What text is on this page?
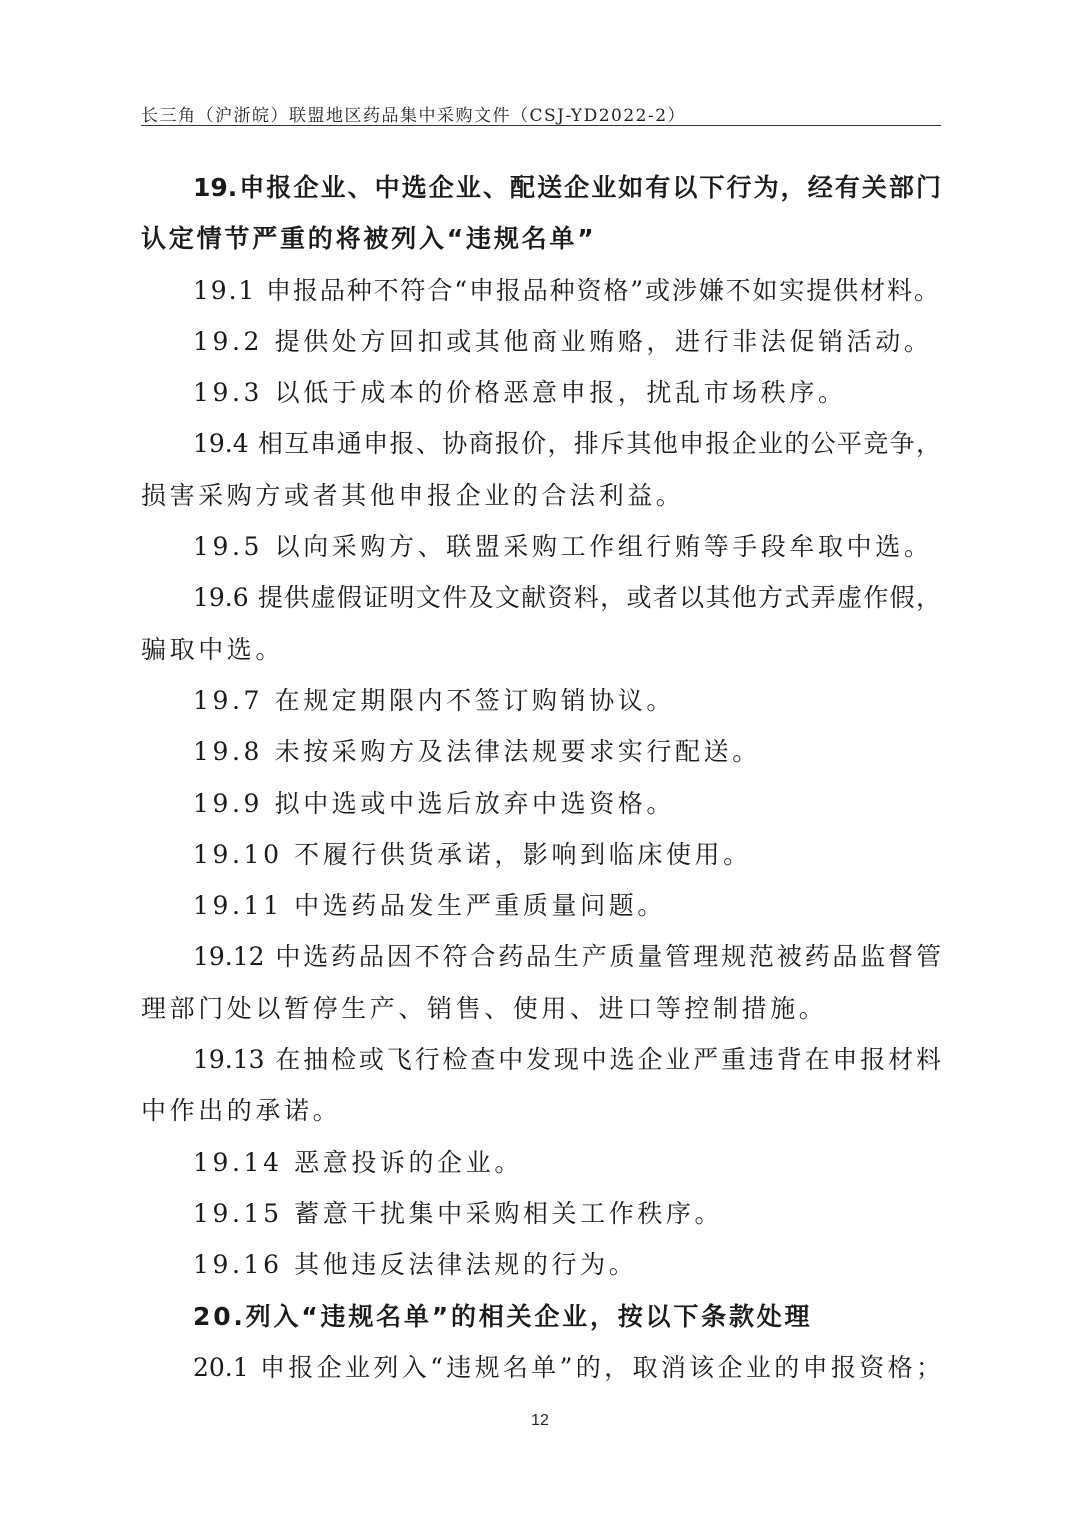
长三角（沪浙皖）联盟地区药品集中采购文件（CSJ-YD2022-2）
19.申报企业、中选企业、配送企业如有以下行为，经有关部门
认定情节严重的将被列入“违规名单”
19.1 申报品种不符合“申报品种资格”或涉嫌不如实提供材料。
19.2 提供处方回扣或其他商业贿赂，进行非法促销活动。
19.3 以低于成本的价格恶意申报，扰乱市场秩序。
19.4 相互串通申报、协商报价，排斥其他申报企业的公平竞争，
损害采购方或者其他申报企业的合法利益。
19.5 以向采购方、联盟采购工作组行贿等手段牟取中选。
19.6 提供虚假证明文件及文献资料，或者以其他方式弄虚作假，
骗取中选。
19.7 在规定期限内不签订购销协议。
19.8 未按采购方及法律法规要求实行配送。
19.9 拟中选或中选后放弃中选资格。
19.10 不履行供货承诺，影响到临床使用。
19.11 中选药品发生严重质量问题。
19.12 中选药品因不符合药品生产质量管理规范被药品监督管
理部门处以暂停生产、销售、使用、进口等控制措施。
19.13 在抽检或飞行检查中发现中选企业严重违背在申报材料
中作出的承诺。
19.14 恶意投诉的企业。
19.15 蓄意干扰集中采购相关工作秩序。
19.16 其他违反法律法规的行为。
20.列入“违规名单”的相关企业，按以下条款处理
20.1 申报企业列入“违规名单”的，取消该企业的申报资格；
12
